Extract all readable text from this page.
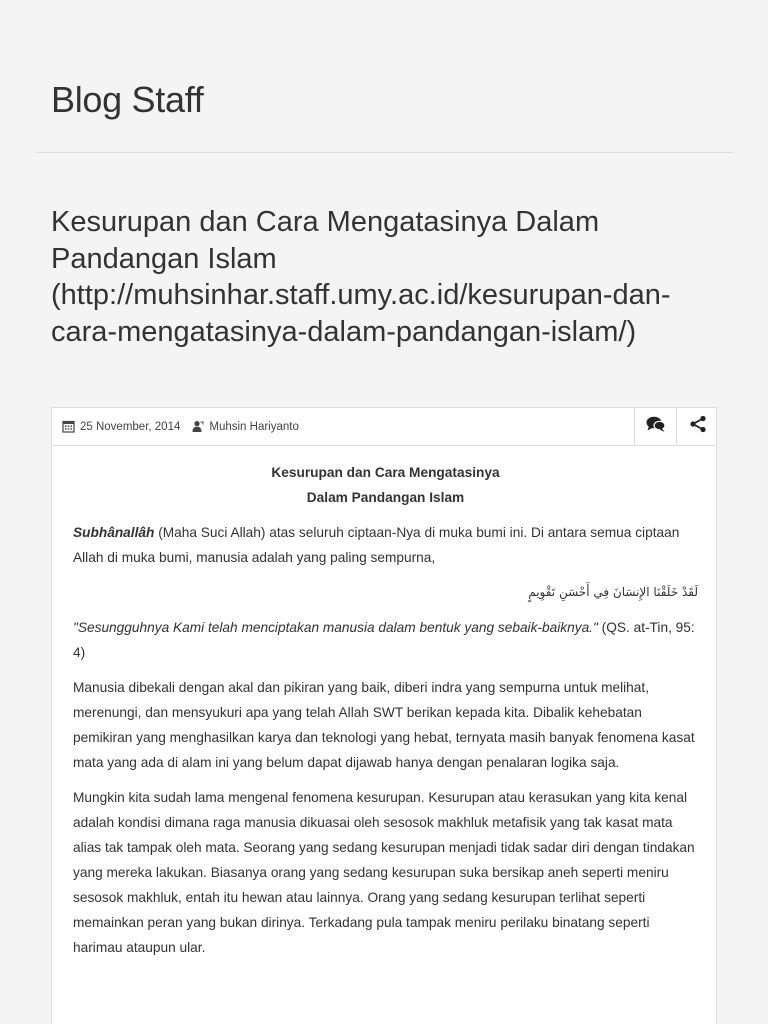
Blog Staff
Kesurupan dan Cara Mengatasinya Dalam Pandangan Islam (http://muhsinhar.staff.umy.ac.id/kesurupan-dan-cara-mengatasinya-dalam-pandangan-islam/)
25 November, 2014	Muhsin Hariyanto

Kesurupan dan Cara Mengatasinya
Dalam Pandangan Islam

Subhânallâh (Maha Suci Allah) atas seluruh ciptaan-Nya di muka bumi ini. Di antara semua ciptaan Allah di muka bumi, manusia adalah yang paling sempurna,

لَقَدْ خَلَقْنَا الإِنسَانَ فِي أَحْسَنِ تَقْوِيمٍ

"Sesungguhnya Kami telah menciptakan manusia dalam bentuk yang sebaik-baiknya." (QS. at-Tin, 95: 4)

Manusia dibekali dengan akal dan pikiran yang baik, diberi indra yang sempurna untuk melihat, merenungi, dan mensyukuri apa yang telah Allah SWT berikan kepada kita. Dibalik kehebatan pemikiran yang menghasilkan karya dan teknologi yang hebat, ternyata masih banyak fenomena kasat mata yang ada di alam ini yang belum dapat dijawab hanya dengan penalaran logika saja.

Mungkin kita sudah lama mengenal fenomena kesurupan. Kesurupan atau kerasukan yang kita kenal adalah kondisi dimana raga manusia dikuasai oleh sesosok makhluk metafisik yang tak kasat mata alias tak tampak oleh mata. Seorang yang sedang kesurupan menjadi tidak sadar diri dengan tindakan yang mereka lakukan. Biasanya orang yang sedang kesurupan suka bersikap aneh seperti meniru sesosok makhluk, entah itu hewan atau lainnya. Orang yang sedang kesurupan terlihat seperti memainkan peran yang bukan dirinya. Terkadang pula tampak meniru perilaku binatang seperti harimau ataupun ular.
